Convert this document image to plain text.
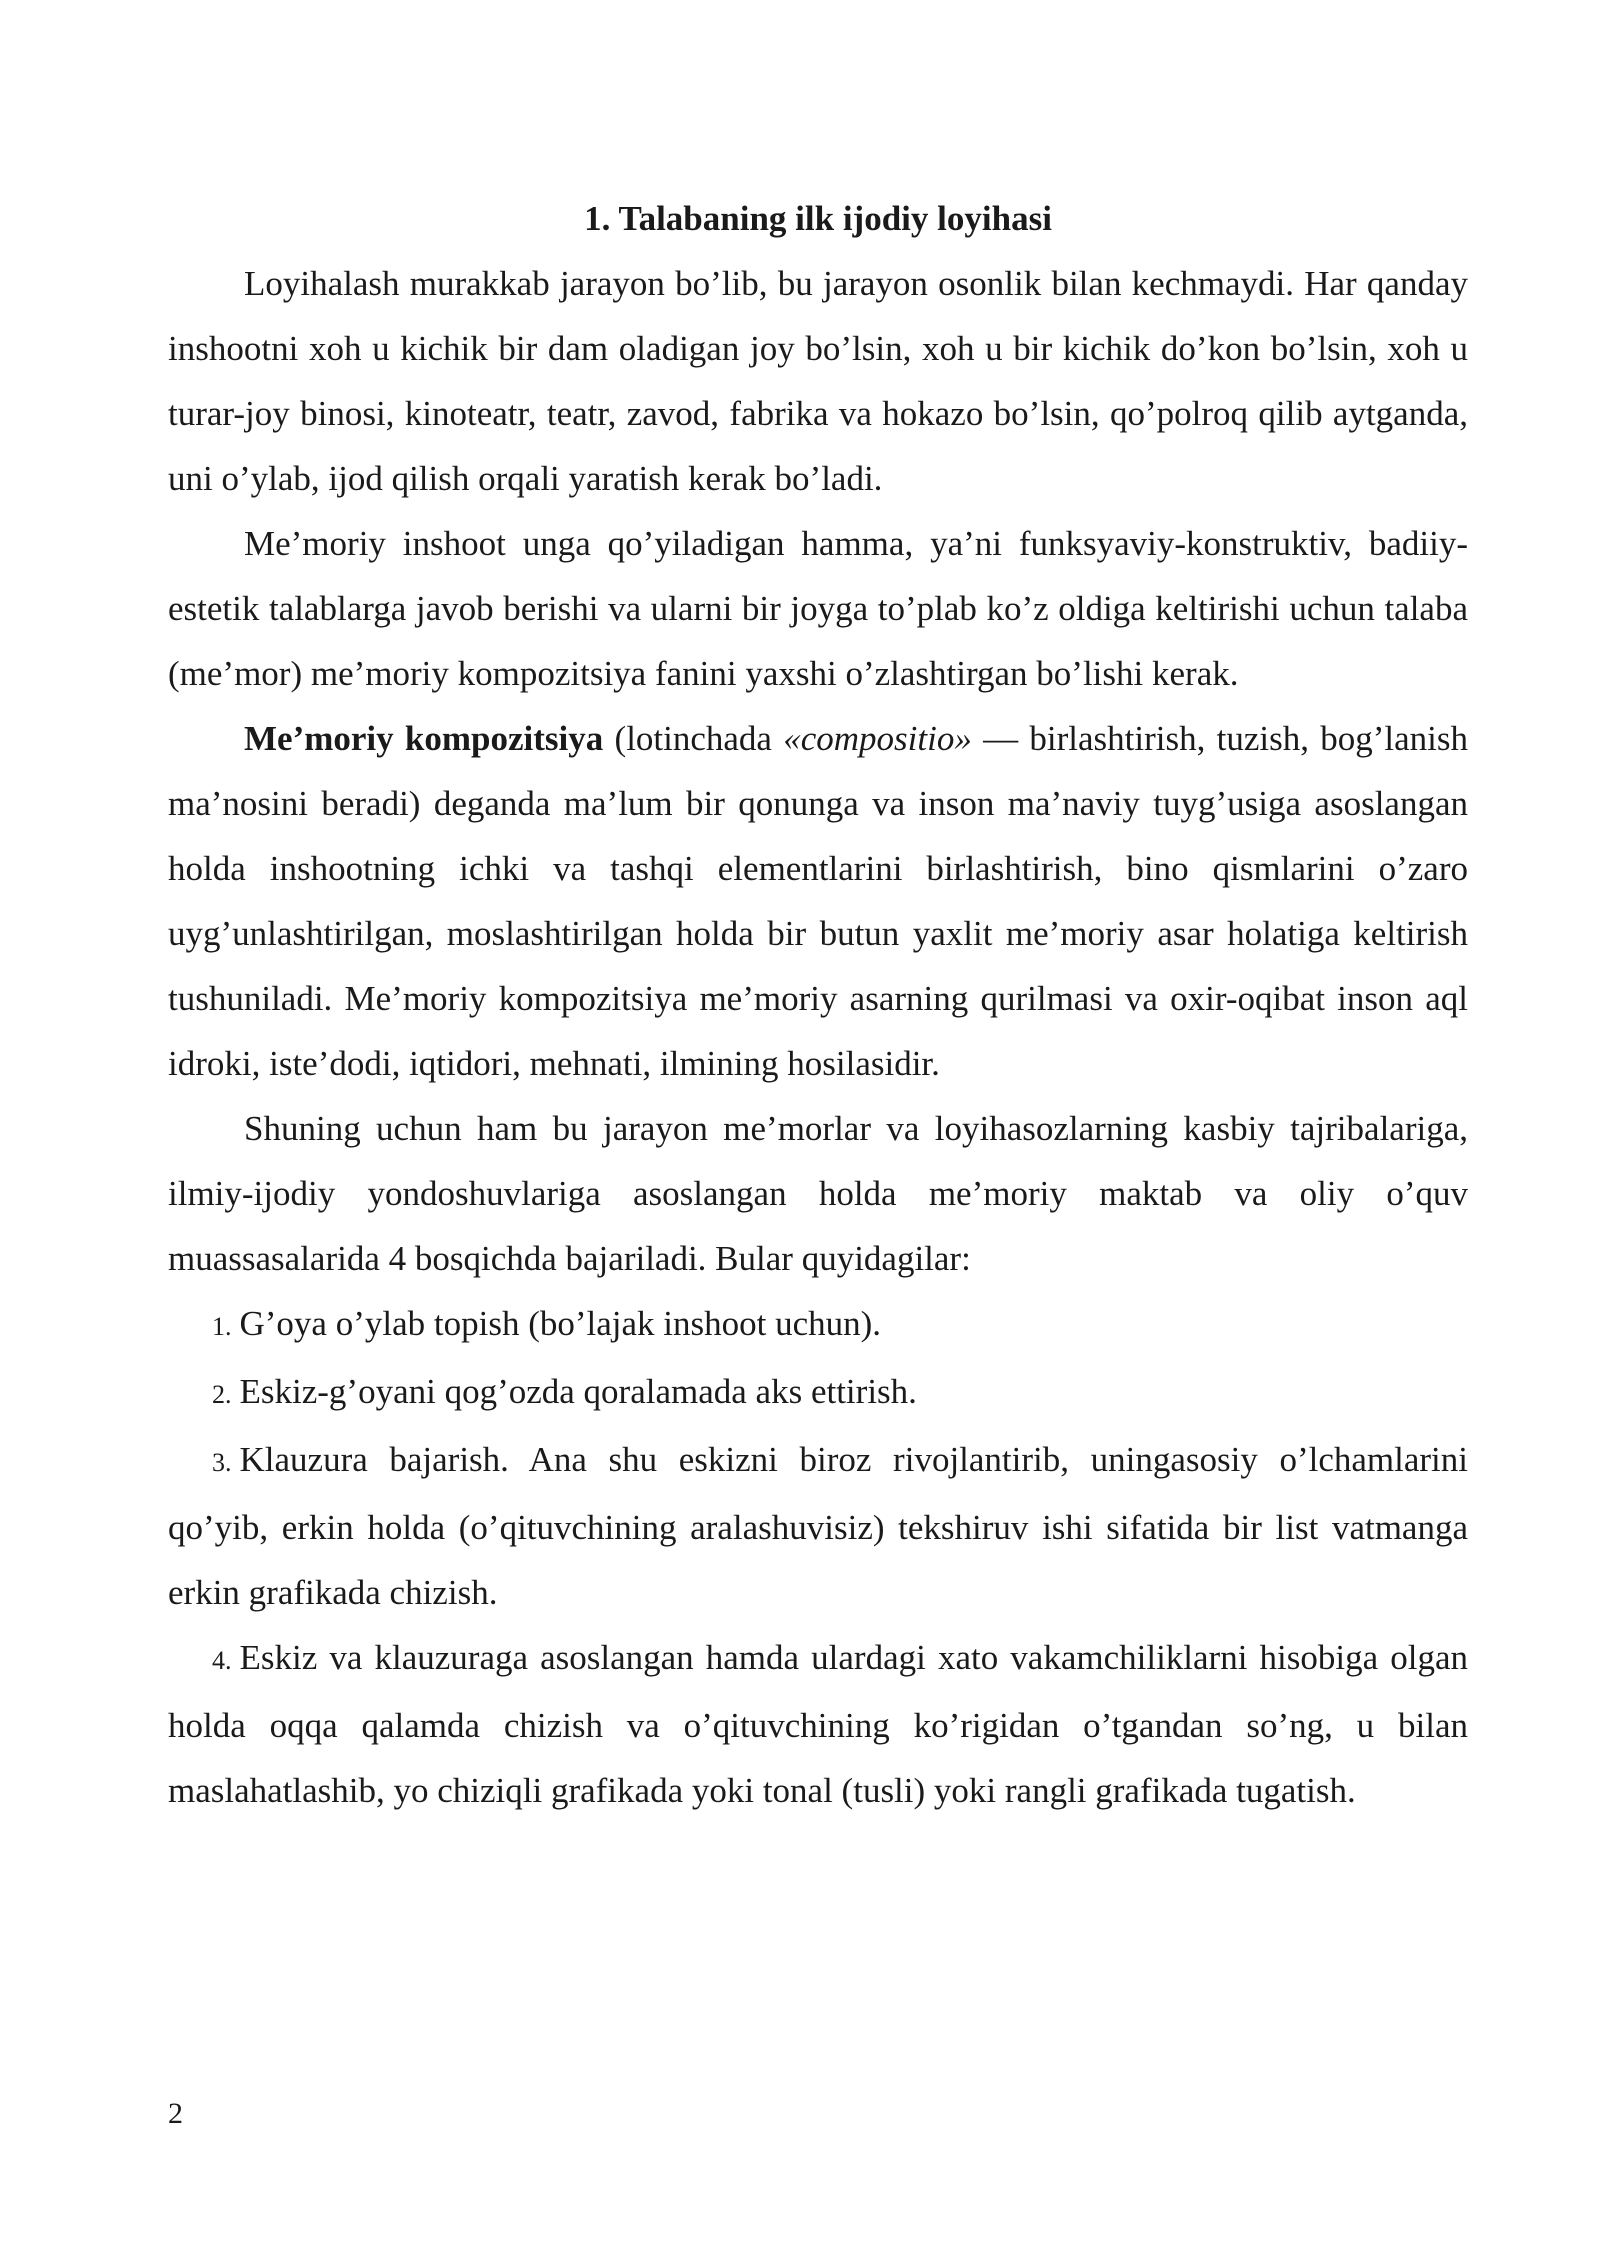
1. Talabaning ilk ijodiy loyihasi

Loyihalash murakkab jarayon bo’lib, bu jarayon osonlik bilan kechmaydi. Har qanday inshootni xoh u kichik bir dam oladigan joy bo’lsin, xoh u bir kichik do’kon bo’lsin, xoh u turar-joy binosi, kinoteatr, teatr, zavod, fabrika va hokazo bo’lsin, qo’polroq qilib aytganda, uni o’ylab, ijod qilish orqali yaratish kerak bo’ladi.

Me’moriy inshoot unga qo’yiladigan hamma, ya’ni funksyaviy-konstruktiv, badiiy-estetik talablarga javob berishi va ularni bir joyga to’plab ko’z oldiga keltirishi uchun talaba (me’mor) me’moriy kompozitsiya fanini yaxshi o’zlashtirgan bo’lishi kerak.

Me’moriy kompozitsiya (lotinchada «compositio» — birlashtirish, tuzish, bog’lanish ma’nosini beradi) deganda ma’lum bir qonunga va inson ma’naviy tuyg’usiga asoslangan holda inshootning ichki va tashqi elementlarini birlashtirish, bino qismlarini o’zaro uyg’unlashtirilgan, moslashtirilgan holda bir butun yaxlit me’moriy asar holatiga keltirish tushuniladi. Me’moriy kompozitsiya me’moriy asarning qurilmasi va oxir-oqibat inson aql idroki, iste’dodi, iqtidori, mehnati, ilmining hosilasidir.

Shuning uchun ham bu jarayon me’morlar va loyihasozlarning kasbiy tajribalariga, ilmiy-ijodiy yondoshuvlariga asoslangan holda me’moriy maktab va oliy o’quv muassasalarida 4 bosqichda bajariladi. Bular quyidagilar:

1. G’oya o’ylab topish (bo’lajak inshoot uchun).

2. Eskiz-g’oyani qog’ozda qoralamada aks ettirish.

3. Klauzura bajarish. Ana shu eskizni biroz rivojlantirib, uningasosiy o’lchamlarini qo’yib, erkin holda (o’qituvchining aralashuvisiz) tekshiruv ishi sifatida bir list vatmanga erkin grafikada chizish.

4. Eskiz va klauzuraga asoslangan hamda ulardagi xato vakamchiliklarni hisobiga olgan holda oqqa qalamda chizish va o’qituvchining ko’rigidan o’tgandan so’ng, u bilan maslahatlashib, yo chiziqli grafikada yoki tonal (tusli) yoki rangli grafikada tugatish.

2
